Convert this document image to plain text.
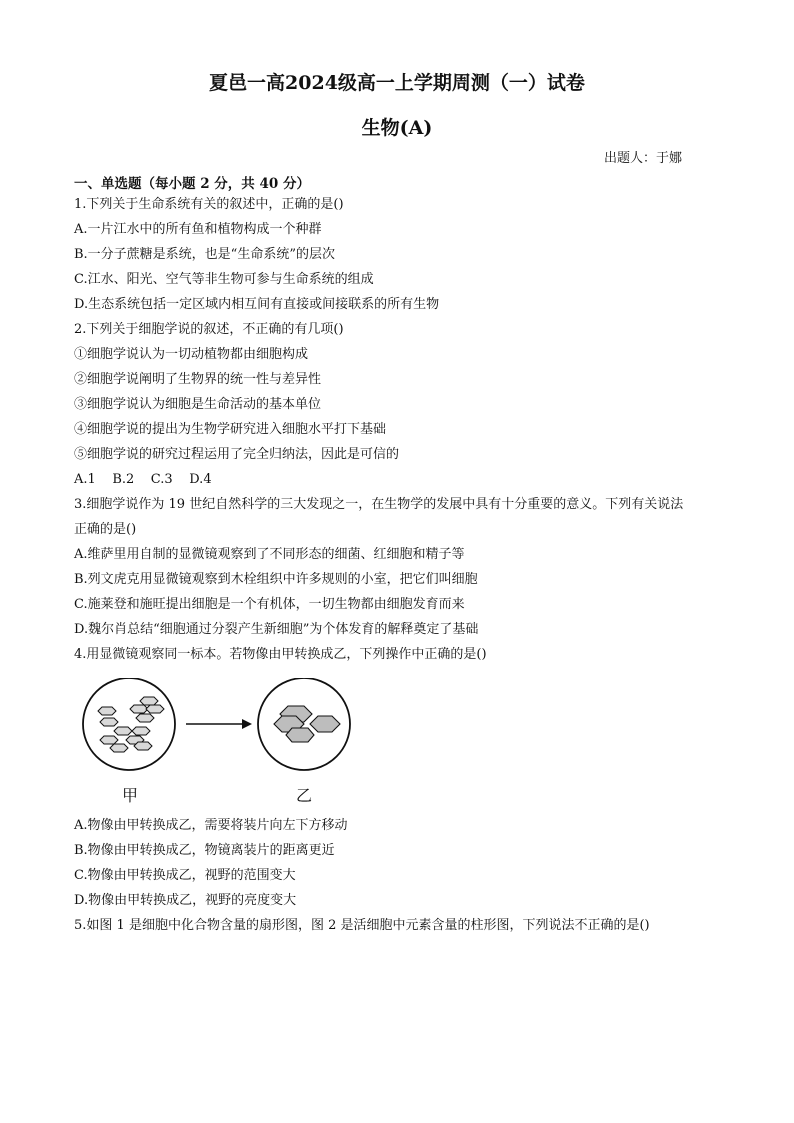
夏邑一高2024级高一上学期周测（一）试卷
生物(A)
出题人：于娜
一、单选题（每小题 2 分，共 40 分）
1.下列关于生命系统有关的叙述中，正确的是()
A.一片江水中的所有鱼和植物构成一个种群
B.一分子蔗糖是系统，也是“生命系统”的层次
C.江水、阳光、空气等非生物可参与生命系统的组成
D.生态系统包括一定区域内相互间有直接或间接联系的所有生物
2.下列关于细胞学说的叙述，不正确的有几项()
①细胞学说认为一切动植物都由细胞构成
②细胞学说阐明了生物界的统一性与差异性
③细胞学说认为细胞是生命活动的基本单位
④细胞学说的提出为生物学研究进入细胞水平打下基础
⑤细胞学说的研究过程运用了完全归纳法，因此是可信的
A.1    B.2    C.3    D.4
3.细胞学说作为 19 世纪自然科学的三大发现之一，在生物学的发展中具有十分重要的意义。下列有关说法
正确的是()
A.维萨里用自制的显微镜观察到了不同形态的细菌、红细胞和精子等
B.列文虎克用显微镜观察到木栓组织中许多规则的小室，把它们叫细胞
C.施莱登和施旺提出细胞是一个有机体，一切生物都由细胞发育而来
D.魏尔肖总结“细胞通过分裂产生新细胞”为个体发育的解释奠定了基础
4.用显微镜观察同一标本。若物像由甲转换成乙，下列操作中正确的是()
甲	乙
A.物像由甲转换成乙，需要将装片向左下方移动
B.物像由甲转换成乙，物镜离装片的距离更近
C.物像由甲转换成乙，视野的范围变大
D.物像由甲转换成乙，视野的亮度变大
5.如图 1 是细胞中化合物含量的扇形图，图 2 是活细胞中元素含量的柱形图，下列说法不正确的是()
